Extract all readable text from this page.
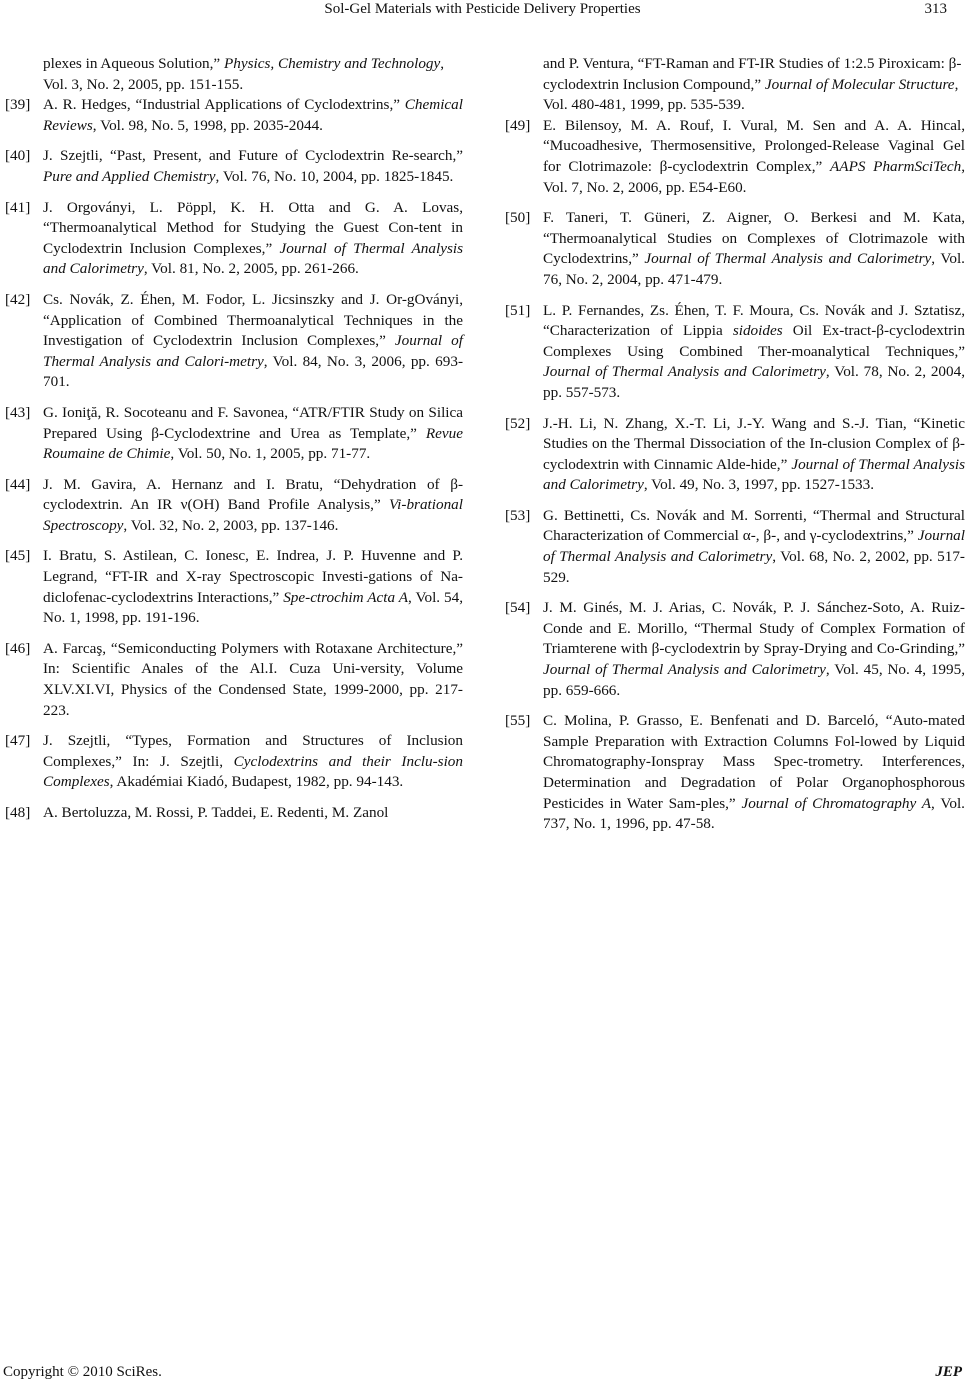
Sol-Gel Materials with Pesticide Delivery Properties	313
plexes in Aqueous Solution,” Physics, Chemistry and Technology, Vol. 3, No. 2, 2005, pp. 151-155.
[39] A. R. Hedges, “Industrial Applications of Cyclodextrins,” Chemical Reviews, Vol. 98, No. 5, 1998, pp. 2035-2044.
[40] J. Szejtli, “Past, Present, and Future of Cyclodextrin Re-search,” Pure and Applied Chemistry, Vol. 76, No. 10, 2004, pp. 1825-1845.
[41] J. Orgoványi, L. Pöppl, K. H. Otta and G. A. Lovas, “Thermoanalytical Method for Studying the Guest Con-tent in Cyclodextrin Inclusion Complexes,” Journal of Thermal Analysis and Calorimetry, Vol. 81, No. 2, 2005, pp. 261-266.
[42] Cs. Novák, Z. Éhen, M. Fodor, L. Jicsinszky and J. Or-gOványi, “Application of Combined Thermoanalytical Techniques in the Investigation of Cyclodextrin Inclusion Complexes,” Journal of Thermal Analysis and Calori-metry, Vol. 84, No. 3, 2006, pp. 693-701.
[43] G. Ioniţă, R. Socoteanu and F. Savonea, “ATR/FTIR Study on Silica Prepared Using β-Cyclodextrine and Urea as Template,” Revue Roumaine de Chimie, Vol. 50, No. 1, 2005, pp. 71-77.
[44] J. M. Gavira, A. Hernanz and I. Bratu, “Dehydration of β-cyclodextrin. An IR ν(OH) Band Profile Analysis,” Vi-brational Spectroscopy, Vol. 32, No. 2, 2003, pp. 137-146.
[45] I. Bratu, S. Astilean, C. Ionesc, E. Indrea, J. P. Huvenne and P. Legrand, “FT-IR and X-ray Spectroscopic Investi-gations of Na-diclofenac-cyclodextrins Interactions,” Spe-ctrochim Acta A, Vol. 54, No. 1, 1998, pp. 191-196.
[46] A. Farcaş, “Semiconducting Polymers with Rotaxane Architecture,” In: Scientific Anales of the Al.I. Cuza Uni-versity, Volume XLV.XI.VI, Physics of the Condensed State, 1999-2000, pp. 217-223.
[47] J. Szejtli, “Types, Formation and Structures of Inclusion Complexes,” In: J. Szejtli, Cyclodextrins and their Inclu-sion Complexes, Akadémiai Kiadó, Budapest, 1982, pp. 94-143.
[48] A. Bertoluzza, M. Rossi, P. Taddei, E. Redenti, M. Zanol
and P. Ventura, “FT-Raman and FT-IR Studies of 1:2.5 Piroxicam: β-cyclodextrin Inclusion Compound,” Journal of Molecular Structure, Vol. 480-481, 1999, pp. 535-539.
[49] E. Bilensoy, M. A. Rouf, I. Vural, M. Sen and A. A. Hincal, “Mucoadhesive, Thermosensitive, Prolonged-Release Vaginal Gel for Clotrimazole: β-cyclodextrin Complex,” AAPS PharmSciTech, Vol. 7, No. 2, 2006, pp. E54-E60.
[50] F. Taneri, T. Güneri, Z. Aigner, O. Berkesi and M. Kata, “Thermoanalytical Studies on Complexes of Clotrimazole with Cyclodextrins,” Journal of Thermal Analysis and Calorimetry, Vol. 76, No. 2, 2004, pp. 471-479.
[51] L. P. Fernandes, Zs. Éhen, T. F. Moura, Cs. Novák and J. Sztatisz, “Characterization of Lippia sidoides Oil Ex-tract-β-cyclodextrin Complexes Using Combined Ther-moanalytical Techniques,” Journal of Thermal Analysis and Calorimetry, Vol. 78, No. 2, 2004, pp. 557-573.
[52] J.-H. Li, N. Zhang, X.-T. Li, J.-Y. Wang and S.-J. Tian, “Kinetic Studies on the Thermal Dissociation of the In-clusion Complex of β-cyclodextrin with Cinnamic Alde-hide,” Journal of Thermal Analysis and Calorimetry, Vol. 49, No. 3, 1997, pp. 1527-1533.
[53] G. Bettinetti, Cs. Novák and M. Sorrenti, “Thermal and Structural Characterization of Commercial α-, β-, and γ-cyclodextrins,” Journal of Thermal Analysis and Calorimetry, Vol. 68, No. 2, 2002, pp. 517-529.
[54] J. M. Ginés, M. J. Arias, C. Novák, P. J. Sánchez-Soto, A. Ruiz-Conde and E. Morillo, “Thermal Study of Complex Formation of Triamterene with β-cyclodextrin by Spray-Drying and Co-Grinding,” Journal of Thermal Analysis and Calorimetry, Vol. 45, No. 4, 1995, pp. 659-666.
[55] C. Molina, P. Grasso, E. Benfenati and D. Barceló, “Auto-mated Sample Preparation with Extraction Columns Fol-lowed by Liquid Chromatography-Ionspray Mass Spec-trometry. Interferences, Determination and Degradation of Polar Organophosphorous Pesticides in Water Sam-ples,” Journal of Chromatography A, Vol. 737, No. 1, 1996, pp. 47-58.
Copyright © 2010 SciRes.	JEP
